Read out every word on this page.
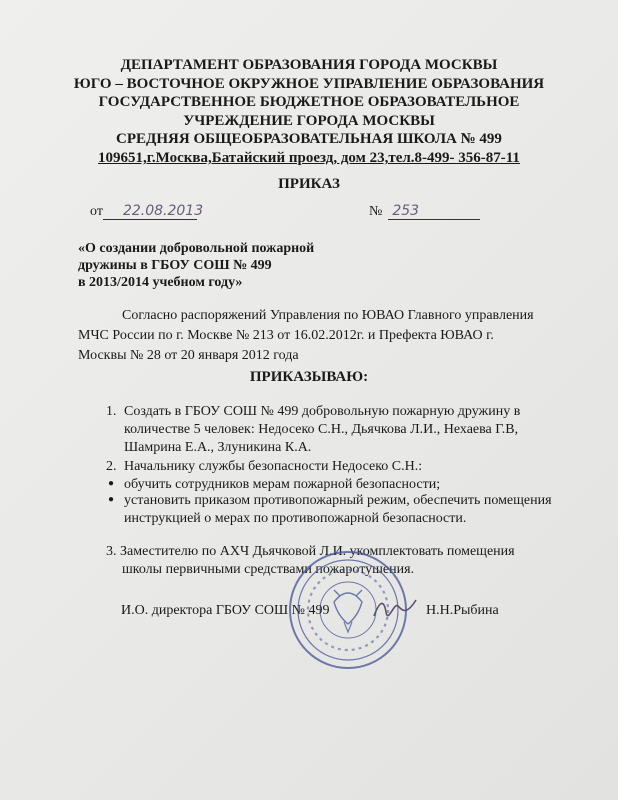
ДЕПАРТАМЕНТ ОБРАЗОВАНИЯ ГОРОДА МОСКВЫ
ЮГО – ВОСТОЧНОЕ ОКРУЖНОЕ УПРАВЛЕНИЕ ОБРАЗОВАНИЯ
ГОСУДАРСТВЕННОЕ БЮДЖЕТНОЕ ОБРАЗОВАТЕЛЬНОЕ
УЧРЕЖДЕНИЕ ГОРОДА МОСКВЫ
СРЕДНЯЯ ОБЩЕОБРАЗОВАТЕЛЬНАЯ ШКОЛА № 499
109651,г.Москва,Батайский проезд, дом 23,тел.8-499- 356-87-11
ПРИКАЗ
от 22.08.2013	№ 253
«О создании добровольной пожарной
дружины в ГБОУ СОШ № 499
в 2013/2014 учебном году»
Согласно распоряжений Управления по ЮВАО Главного управления
МЧС России по г. Москве № 213 от 16.02.2012г. и Префекта ЮВАО г.
Москвы № 28 от 20 января 2012 года
ПРИКАЗЫВАЮ:
1. Создать в ГБОУ СОШ № 499 добровольную пожарную дружину в
количестве 5 человек: Недосеко С.Н., Дьячкова Л.И., Нехаева Г.В,
Шамрина Е.А., Злуникина К.А.
2. Начальнику службы безопасности Недосеко С.Н.:
● обучить сотрудников мерам пожарной безопасности;
● установить приказом противопожарный режим, обеспечить помещения
инструкцией о мерах по противопожарной безопасности.
3. Заместителю по АХЧ Дьячковой Л.И. укомплектовать помещения
школы первичными средствами пожаротушения.
И.О. директора ГБОУ СОШ № 499	Н.Н.Рыбина
